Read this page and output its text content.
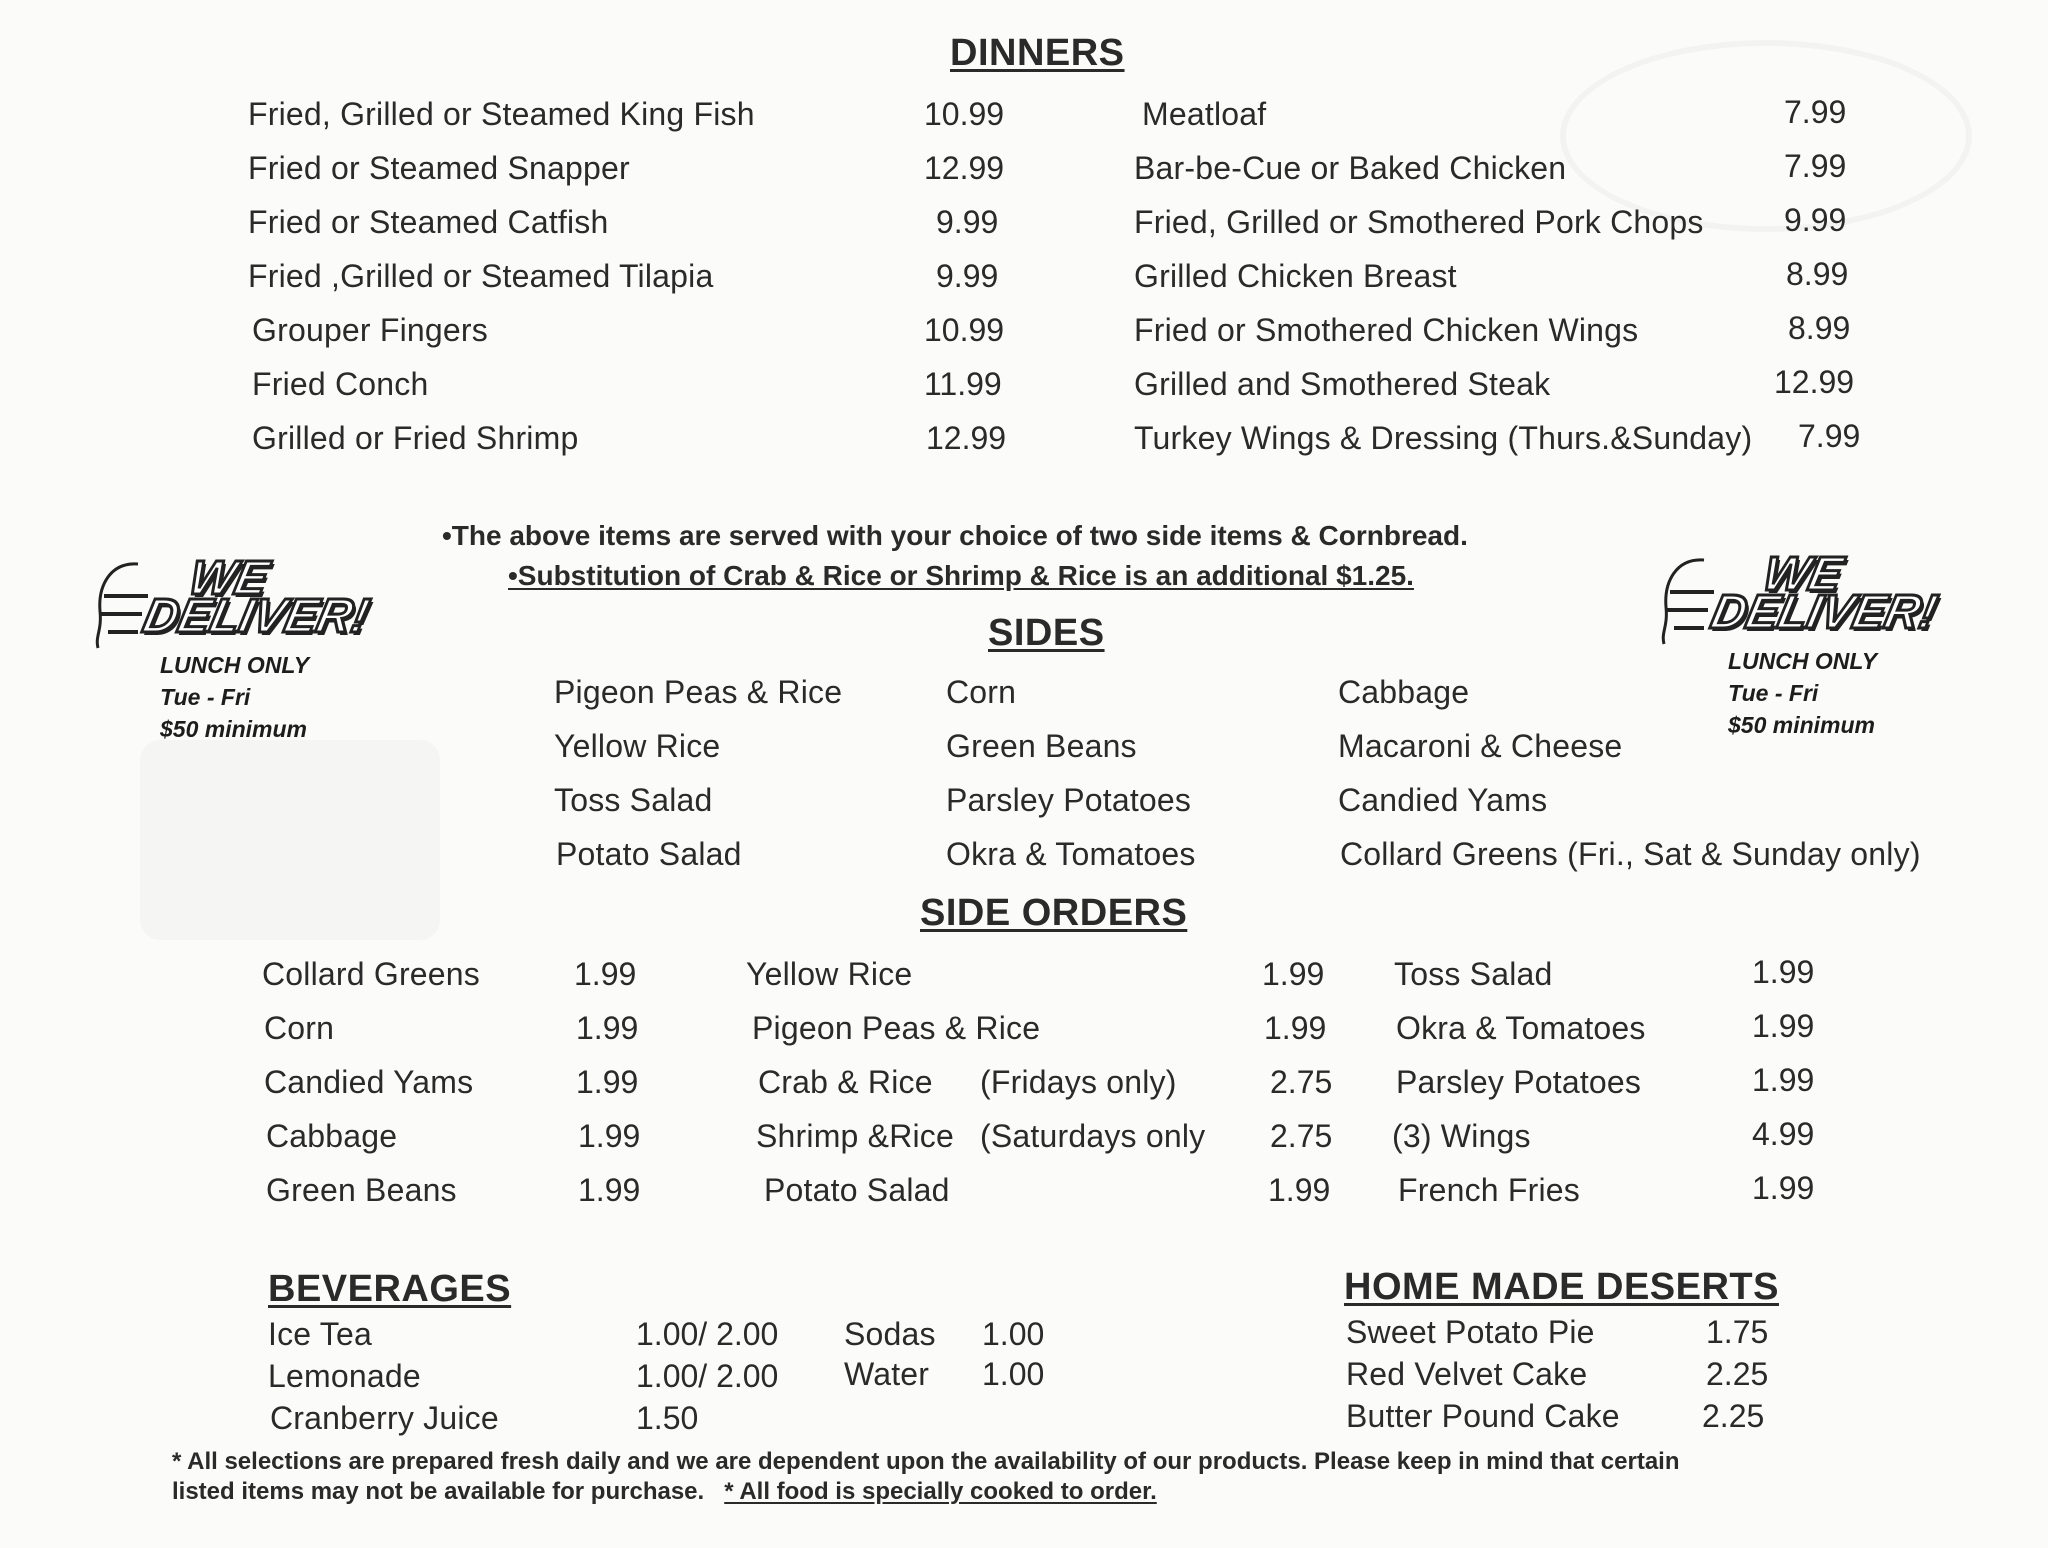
DINNERS
Fried, Grilled or Steamed King Fish	10.99
Fried or Steamed Snapper	12.99
Fried or Steamed Catfish	9.99
Fried ,Grilled or Steamed Tilapia	9.99
Grouper Fingers	10.99
Fried Conch	11.99
Grilled or Fried Shrimp	12.99
Meatloaf	7.99
Bar-be-Cue or Baked Chicken	7.99
Fried, Grilled or Smothered Pork Chops	9.99
Grilled Chicken Breast	8.99
Fried or Smothered Chicken Wings	8.99
Grilled and Smothered Steak	12.99
Turkey Wings & Dressing (Thurs.&Sunday) 7.99
•The above items are served with your choice of two side items & Cornbread.
•Substitution of Crab & Rice or Shrimp & Rice is an additional $1.25.
WE
DELIVER!
LUNCH ONLY
Tue - Fri
$50 minimum
WE
DELIVER!
LUNCH ONLY
Tue - Fri
$50 minimum
SIDES
Pigeon Peas & Rice
Yellow Rice
Toss Salad
Potato Salad
Corn
Green Beans
Parsley Potatoes
Okra & Tomatoes
Cabbage
Macaroni & Cheese
Candied Yams
Collard Greens (Fri., Sat & Sunday only)
SIDE ORDERS
Collard Greens	1.99
Corn	1.99
Candied Yams	1.99
Cabbage	1.99
Green Beans	1.99
Yellow Rice	1.99
Pigeon Peas & Rice	1.99
Crab & Rice (Fridays only)	2.75
Shrimp &Rice (Saturdays only 2.75
Potato Salad	1.99
Toss Salad	1.99
Okra & Tomatoes	1.99
Parsley Potatoes	1.99
(3) Wings	4.99
French Fries	1.99
BEVERAGES
Ice Tea	1.00/ 2.00
Lemonade	1.00/ 2.00
Cranberry Juice	1.50
Sodas 1.00
Water 1.00
HOME MADE DESERTS
Sweet Potato Pie	1.75
Red Velvet Cake	2.25
Butter Pound Cake	2.25
* All selections are prepared fresh daily and we are dependent upon the availability of our products. Please keep in mind that certain
listed items may not be available for purchase. * All food is specially cooked to order.
